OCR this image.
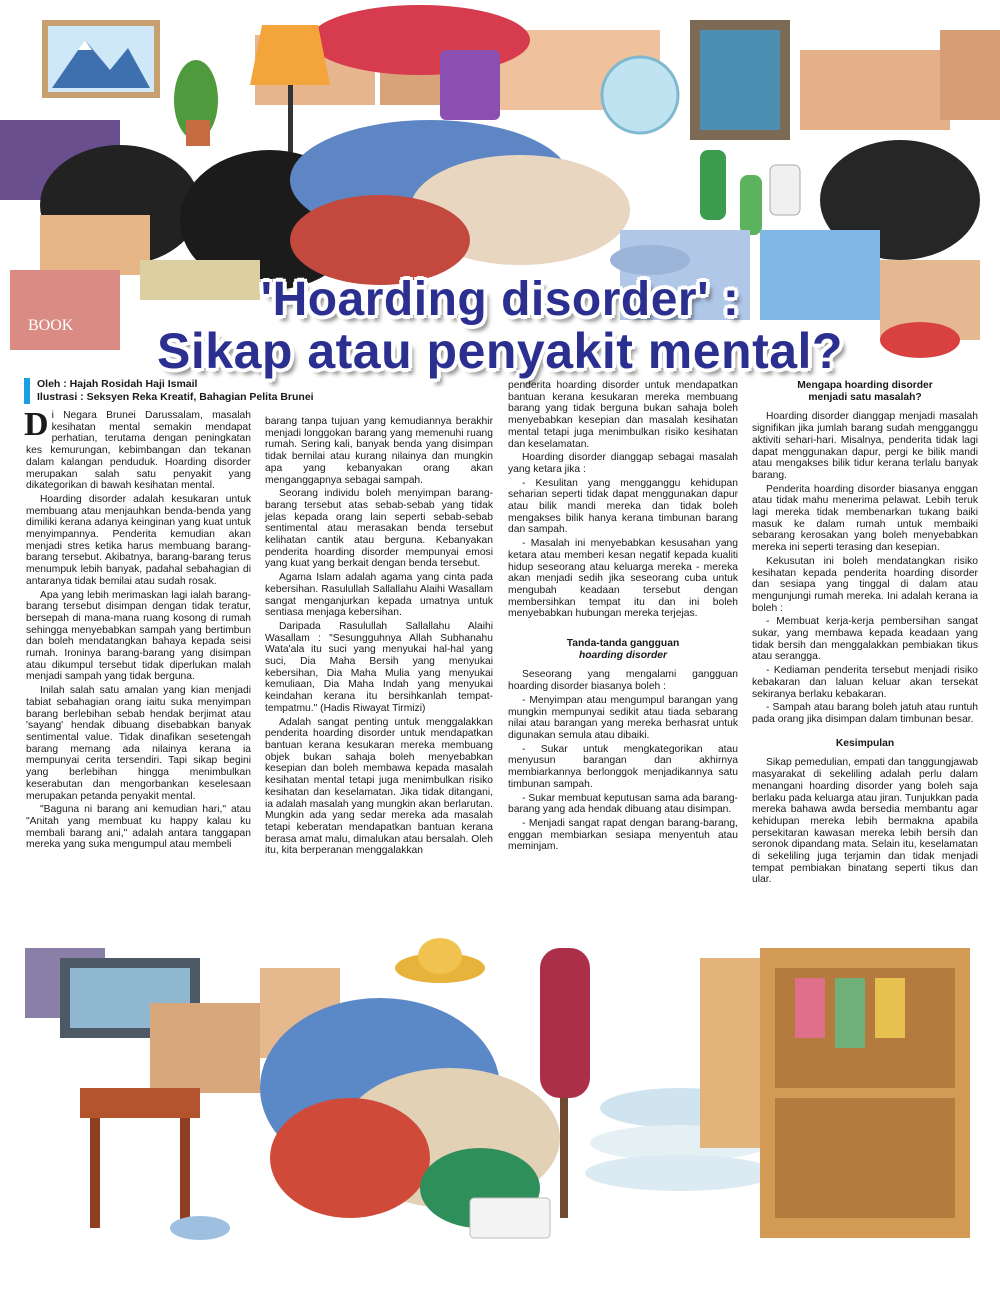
BOOK	'Hoarding disorder' :
Sikap atau penyakit mental?
Oleh : Hajah Rosidah Haji Ismail
Ilustrasi : Seksyen Reka Kreatif, Bahagian Pelita Brunei

Di Negara Brunei Darussalam, masalah kesihatan mental semakin mendapat perhatian, terutama dengan peningkatan kes kemurungan, kebimbangan dan tekanan dalam kalangan penduduk. Hoarding disorder merupakan salah satu penyakit yang dikategorikan di bawah kesihatan mental.

Hoarding disorder adalah kesukaran untuk membuang atau menjauhkan benda-benda yang dimiliki kerana adanya keinginan yang kuat untuk menyimpannya. Penderita kemudian akan menjadi stres ketika harus membuang barang-barang tersebut. Akibatnya, barang-barang terus menumpuk lebih banyak, padahal sebahagian di antaranya tidak bemilai atau sudah rosak.

Apa yang lebih merimaskan lagi ialah barang-barang tersebut disimpan dengan tidak teratur, bersepah di mana-mana ruang kosong di rumah sehingga menyebabkan sampah yang bertimbun dan boleh mendatangkan bahaya kepada seisi rumah. Ironinya barang-barang yang disimpan atau dikumpul tersebut tidak diperlukan malah menjadi sampah yang tidak berguna.

Inilah salah satu amalan yang kian menjadi tabiat sebahagian orang iaitu suka menyimpan barang berlebihan sebab hendak berjimat atau 'sayang' hendak dibuang disebabkan banyak sentimental value. Tidak dinafikan sesetengah barang memang ada nilainya kerana ia mempunyai cerita tersendiri. Tapi sikap begini yang berlebihan hingga menimbulkan keserabutan dan mengorbankan keselesaan merupakan petanda penyakit mental.

"Baguna ni barang ani kemudian hari," atau "Anitah yang membuat ku happy kalau ku membali barang ani," adalah antara tanggapan mereka yang suka mengumpul atau membeli

barang tanpa tujuan yang kemudiannya berakhir menjadi longgokan barang yang memenuhi ruang rumah. Sering kali, banyak benda yang disimpan tidak bernilai atau kurang nilainya dan mungkin apa yang kebanyakan orang akan menganggapnya sebagai sampah.

Seorang individu boleh menyimpan barang-barang tersebut atas sebab-sebab yang tidak jelas kepada orang lain seperti sebab-sebab sentimental atau merasakan benda tersebut kelihatan cantik atau berguna. Kebanyakan penderita hoarding disorder mempunyai emosi yang kuat yang berkait dengan benda tersebut.

Agama Islam adalah agama yang cinta pada kebersihan. Rasulullah Sallallahu Alaihi Wasallam sangat menganjurkan kepada umatnya untuk sentiasa menjaga kebersihan.

Daripada Rasulullah Sallallahu Alaihi Wasallam : "Sesungguhnya Allah Subhanahu Wata'ala itu suci yang menyukai hal-hal yang suci, Dia Maha Bersih yang menyukai kebersihan, Dia Maha Mulia yang menyukai kemuliaan, Dia Maha Indah yang menyukai keindahan kerana itu bersihkanlah tempat-tempatmu." (Hadis Riwayat Tirmizi)

Adalah sangat penting untuk menggalakkan penderita hoarding disorder untuk mendapatkan bantuan kerana kesukaran mereka membuang objek bukan sahaja boleh menyebabkan kesepian dan boleh membawa kepada masalah kesihatan mental tetapi juga menimbulkan risiko kesihatan dan keselamatan. Jika tidak ditangani, ia adalah masalah yang mungkin akan berlarutan. Mungkin ada yang sedar mereka ada masalah tetapi keberatan mendapatkan bantuan kerana berasa amat malu, dimalukan atau bersalah. Oleh itu, kita berperanan menggalakkan

penderita hoarding disorder untuk mendapatkan bantuan kerana kesukaran mereka membuang barang yang tidak berguna bukan sahaja boleh menyebabkan kesepian dan masalah kesihatan mental tetapi juga menimbulkan risiko kesihatan dan keselamatan.

Hoarding disorder dianggap sebagai masalah yang ketara jika :

- Kesulitan yang mengganggu kehidupan seharian seperti tidak dapat menggunakan dapur atau bilik mandi mereka dan tidak boleh mengakses bilik hanya kerana timbunan barang dan sampah.

- Masalah ini menyebabkan kesusahan yang ketara atau memberi kesan negatif kepada kualiti hidup seseorang atau keluarga mereka - mereka akan menjadi sedih jika seseorang cuba untuk mengubah keadaan tersebut dengan membersihkan tempat itu dan ini boleh menyebabkan hubungan mereka terjejas.

Tanda-tanda gangguan
hoarding disorder

Seseorang yang mengalami gangguan hoarding disorder biasanya boleh :

- Menyimpan atau mengumpul barangan yang mungkin mempunyai sedikit atau tiada sebarang nilai atau barangan yang mereka berhasrat untuk digunakan semula atau dibaiki.

- Sukar untuk mengkategorikan atau menyusun barangan dan akhirnya membiarkannya berlonggok menjadikannya satu timbunan sampah.

- Sukar membuat keputusan sama ada barang-barang yang ada hendak dibuang atau disimpan.

- Menjadi sangat rapat dengan barang-barang, enggan membiarkan sesiapa menyentuh atau meminjam.

Mengapa hoarding disorder
menjadi satu masalah?

Hoarding disorder dianggap menjadi masalah signifikan jika jumlah barang sudah mengganggu aktiviti sehari-hari. Misalnya, penderita tidak lagi dapat menggunakan dapur, pergi ke bilik mandi atau mengakses bilik tidur kerana terlalu banyak barang.

Penderita hoarding disorder biasanya enggan atau tidak mahu menerima pelawat. Lebih teruk lagi mereka tidak membenarkan tukang baiki masuk ke dalam rumah untuk membaiki sebarang kerosakan yang boleh menyebabkan mereka ini seperti terasing dan kesepian.

Kekusutan ini boleh mendatangkan risiko kesihatan kepada penderita hoarding disorder dan sesiapa yang tinggal di dalam atau mengunjungi rumah mereka. Ini adalah kerana ia boleh :

- Membuat kerja-kerja pembersihan sangat sukar, yang membawa kepada keadaan yang tidak bersih dan menggalakkan pembiakan tikus atau serangga.

- Kediaman penderita tersebut menjadi risiko kebakaran dan laluan keluar akan tersekat sekiranya berlaku kebakaran.

- Sampah atau barang boleh jatuh atau runtuh pada orang jika disimpan dalam timbunan besar.

Kesimpulan

Sikap pemedulian, empati dan tanggungjawab masyarakat di sekeliling adalah perlu dalam menangani hoarding disorder yang boleh saja berlaku pada keluarga atau jiran. Tunjukkan pada mereka bahawa awda bersedia membantu agar kehidupan mereka lebih bermakna apabila persekitaran kawasan mereka lebih bersih dan seronok dipandang mata. Selain itu, keselamatan di sekeliling juga terjamin dan tidak menjadi tempat pembiakan binatang seperti tikus dan ular.
